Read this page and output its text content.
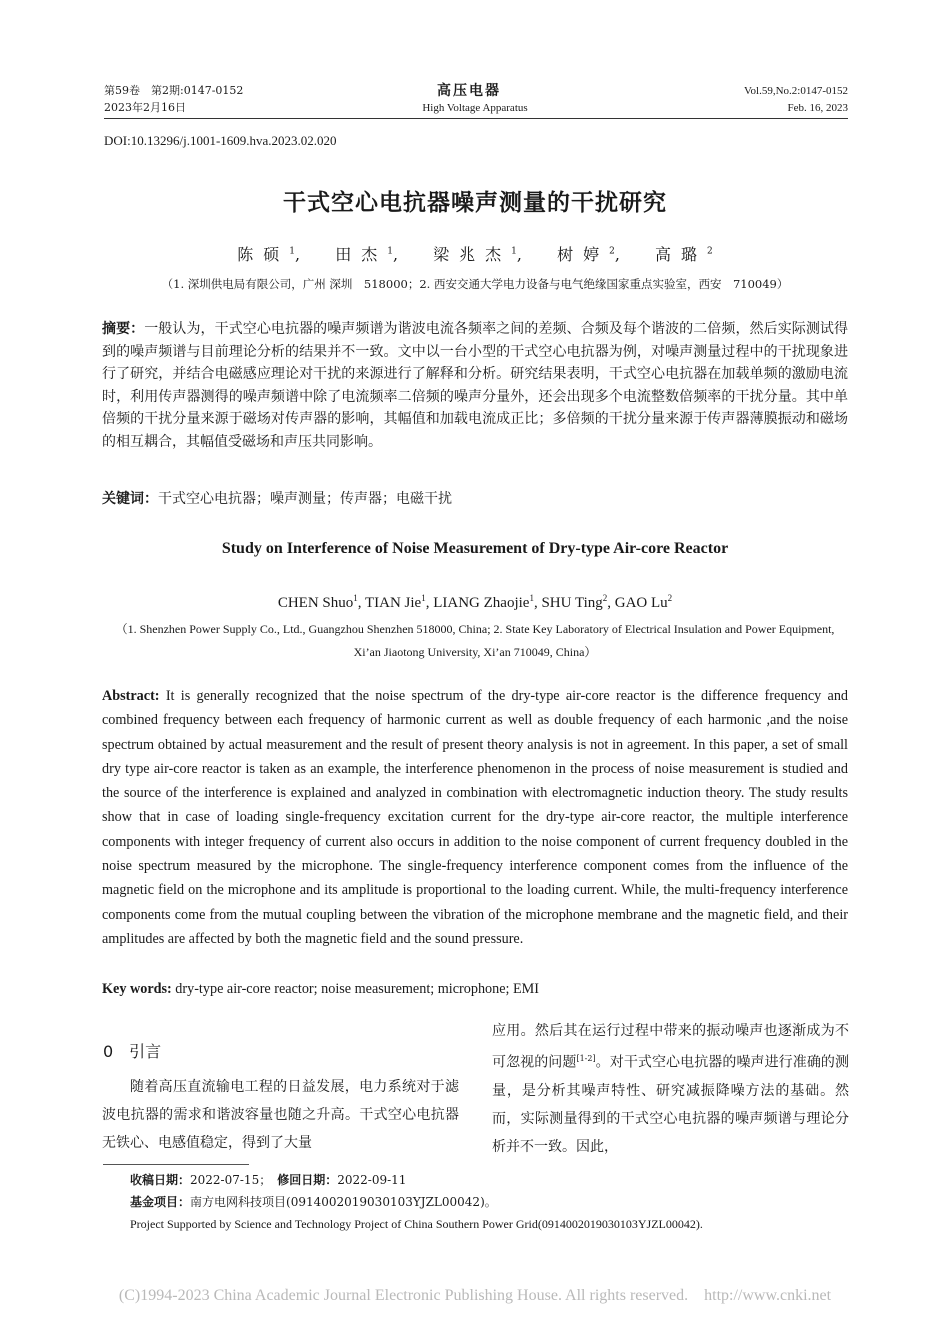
第59卷　第2期:0147-0152
2023年2月16日
高压电器
High Voltage Apparatus
Vol.59,No.2:0147-0152
Feb. 16, 2023
DOI:10.13296/j.1001-1609.hva.2023.02.020
干式空心电抗器噪声测量的干扰研究
陈硕$^1$, 田杰$^1$, 梁兆杰$^1$, 树婷$^2$, 高璐$^2$
（1. 深圳供电局有限公司，广州 深圳　518000；2. 西安交通大学电力设备与电气绝缘国家重点实验室，西安　710049）
摘要：一般认为，干式空心电抗器的噪声频谱为谐波电流各频率之间的差频、合频及每个谐波的二倍频，然后实际测试得到的噪声频谱与目前理论分析的结果并不一致。文中以一台小型的干式空心电抗器为例，对噪声测量过程中的干扰现象进行了研究，并结合电磁感应理论对干扰的来源进行了解释和分析。研究结果表明，干式空心电抗器在加载单频的激励电流时，利用传声器测得的噪声频谱中除了电流频率二倍频的噪声分量外，还会出现多个电流整数倍频率的干扰分量。其中单倍频的干扰分量来源于磁场对传声器的影响，其幅值和加载电流成正比；多倍频的干扰分量来源于传声器薄膜振动和磁场的相互耦合，其幅值受磁场和声压共同影响。
关键词：干式空心电抗器；噪声测量；传声器；电磁干扰
Study on Interference of Noise Measurement of Dry-type Air-core Reactor
CHEN Shuo$^1$, TIAN Jie$^1$, LIANG Zhaojie$^1$, SHU Ting$^2$, GAO Lu$^2$
（1. Shenzhen Power Supply Co., Ltd., Guangzhou Shenzhen 518000, China; 2. State Key Laboratory of Electrical Insulation and Power Equipment, Xi’an Jiaotong University, Xi’an 710049, China）
Abstract: It is generally recognized that the noise spectrum of the dry-type air-core reactor is the difference frequency and combined frequency between each frequency of harmonic current as well as double frequency of each harmonic ,and the noise spectrum obtained by actual measurement and the result of present theory analysis is not in agreement. In this paper, a set of small dry type air-core reactor is taken as an example, the interference phenomenon in the process of noise measurement is studied and the source of the interference is explained and analyzed in combination with electromagnetic induction theory. The study results show that in case of loading single-frequency excitation current for the dry-type air-core reactor, the multiple interference components with integer frequency of current also occurs in addition to the noise component of current frequency doubled in the noise spectrum measured by the microphone. The single-frequency interference component comes from the influence of the magnetic field on the microphone and its amplitude is proportional to the loading current. While, the multi-frequency interference components come from the mutual coupling between the vibration of the microphone membrane and the magnetic field, and their amplitudes are affected by both the magnetic field and the sound pressure.
Key words: dry-type air-core reactor; noise measurement; microphone; EMI
0　引言
随着高压直流输电工程的日益发展，电力系统对于滤波电抗器的需求和谐波容量也随之升高。干式空心电抗器无铁心、电感值稳定，得到了大量
应用。然后其在运行过程中带来的振动噪声也逐渐成为不可忽视的问题[1-2]。对干式空心电抗器的噪声进行准确的测量，是分析其噪声特性、研究减振降噪方法的基础。然而，实际测量得到的干式空心电抗器的噪声频谱与理论分析并不一致。因此，
收稿日期：2022-07-15；　 修回日期：2022-09-11
基金项目：南方电网科技项目(0914002019030103YJZL00042)。
Project Supported by Science and Technology Project of China Southern Power Grid(0914002019030103YJZL00042).
(C)1994-2023 China Academic Journal Electronic Publishing House. All rights reserved.　http://www.cnki.net
